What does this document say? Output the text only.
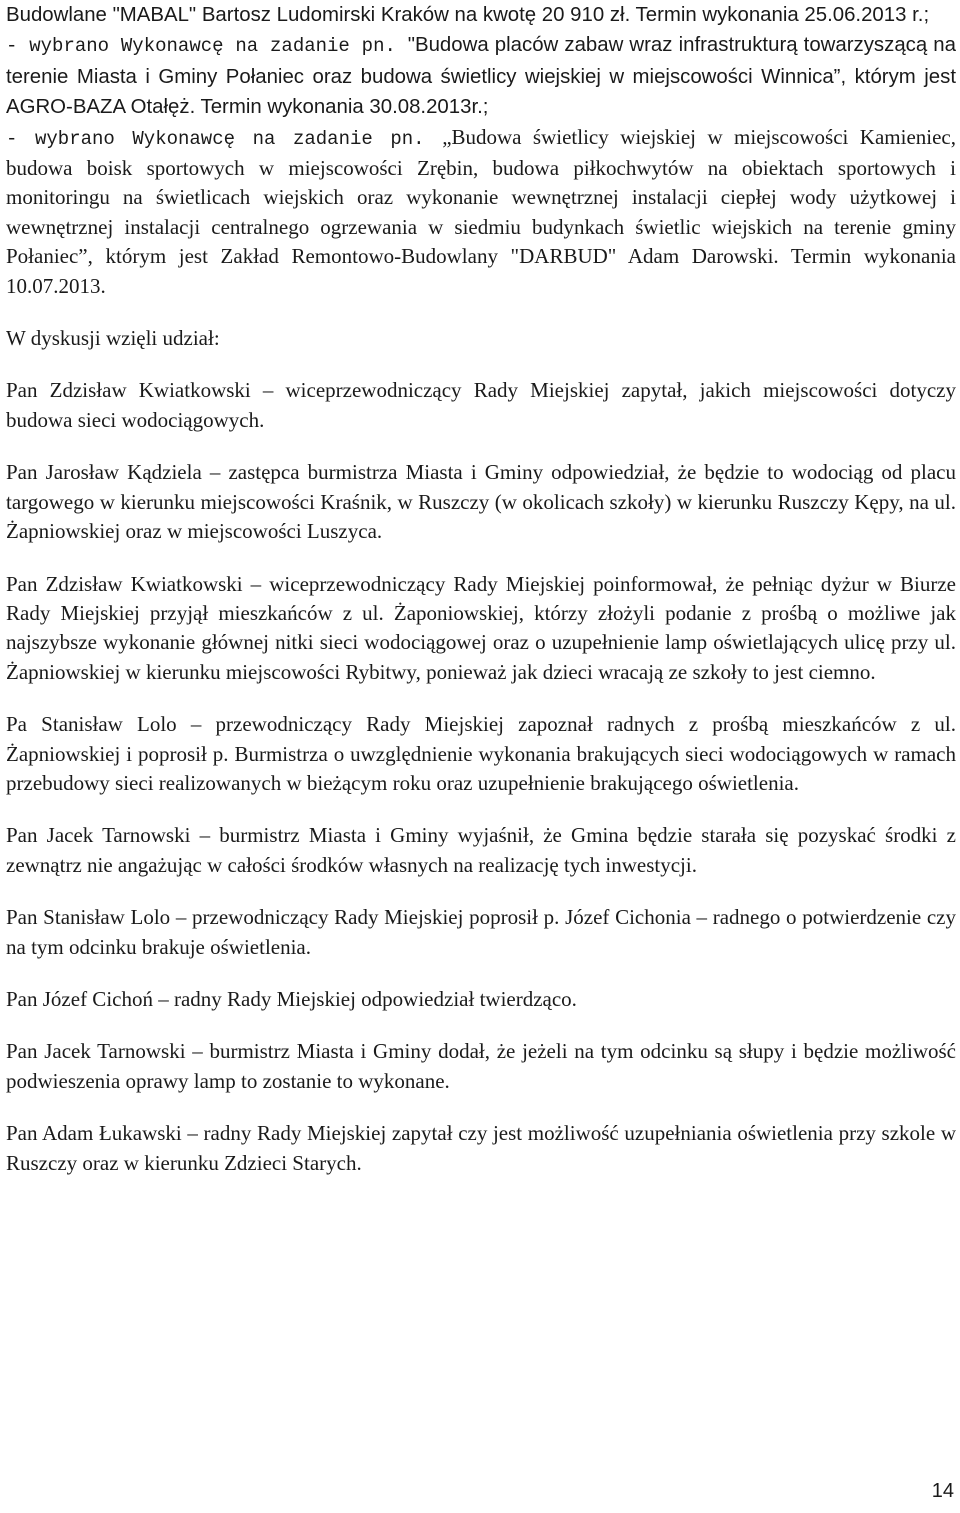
Budowlane "MABAL" Bartosz Ludomirski Kraków na kwotę 20 910 zł. Termin wykonania 25.06.2013 r.;

- wybrano Wykonawcę na zadanie pn. "Budowa placów zabaw wraz infrastrukturą towarzyszącą na terenie Miasta i Gminy Połaniec oraz budowa świetlicy wiejskiej w miejscowości Winnica”, którym jest AGRO-BAZA Otałęż. Termin wykonania 30.08.2013r.;

- wybrano Wykonawcę na zadanie pn. „Budowa świetlicy wiejskiej w miejscowości Kamieniec, budowa boisk sportowych w miejscowości Zrębin, budowa piłkochwytów na obiektach sportowych i monitoringu na świetlicach wiejskich oraz wykonanie wewnętrznej instalacji ciepłej wody użytkowej i wewnętrznej instalacji centralnego ogrzewania w siedmiu budynkach świetlic wiejskich na terenie gminy Połaniec”, którym jest Zakład Remontowo-Budowlany "DARBUD" Adam Darowski. Termin wykonania 10.07.2013.

W dyskusji wzięli udział:

Pan Zdzisław Kwiatkowski – wiceprzewodniczący Rady Miejskiej zapytał, jakich miejscowości dotyczy budowa sieci wodociągowych.

Pan Jarosław Kądziela – zastępca burmistrza Miasta i Gminy odpowiedział, że będzie to wodociąg od placu targowego w kierunku miejscowości Kraśnik, w Ruszczy (w okolicach szkoły) w kierunku Ruszczy Kępy, na ul. Żapniowskiej oraz w miejscowości Luszyca.

Pan Zdzisław Kwiatkowski – wiceprzewodniczący Rady Miejskiej poinformował, że pełniąc dyżur w Biurze Rady Miejskiej przyjął mieszkańców z ul. Żaponiowskiej, którzy złożyli podanie z prośbą o możliwe jak najszybsze wykonanie głównej nitki sieci wodociągowej oraz o uzupełnienie lamp oświetlających ulicę przy ul. Żapniowskiej w kierunku miejscowości Rybitwy, ponieważ jak dzieci wracają ze szkoły to jest ciemno.

Pa Stanisław Lolo – przewodniczący Rady Miejskiej zapoznał radnych z prośbą mieszkańców z ul. Żapniowskiej i poprosił p. Burmistrza o uwzględnienie wykonania brakujących sieci wodociągowych w ramach przebudowy sieci realizowanych w bieżącym roku oraz uzupełnienie brakującego oświetlenia.

Pan Jacek Tarnowski – burmistrz Miasta i Gminy wyjaśnił, że Gmina będzie starała się pozyskać środki z zewnątrz nie angażując w całości środków własnych na realizację tych inwestycji.

Pan Stanisław Lolo – przewodniczący Rady Miejskiej poprosił p. Józef Cichonia – radnego o potwierdzenie czy na tym odcinku brakuje oświetlenia.

Pan Józef Cichoń – radny Rady Miejskiej odpowiedział twierdząco.

Pan Jacek Tarnowski – burmistrz Miasta i Gminy dodał, że jeżeli na tym odcinku są słupy i będzie możliwość podwieszenia oprawy lamp to zostanie to wykonane.

Pan Adam Łukawski – radny Rady Miejskiej zapytał czy jest możliwość uzupełniania oświetlenia przy szkole w Ruszczy oraz w kierunku Zdzieci Starych.

14
